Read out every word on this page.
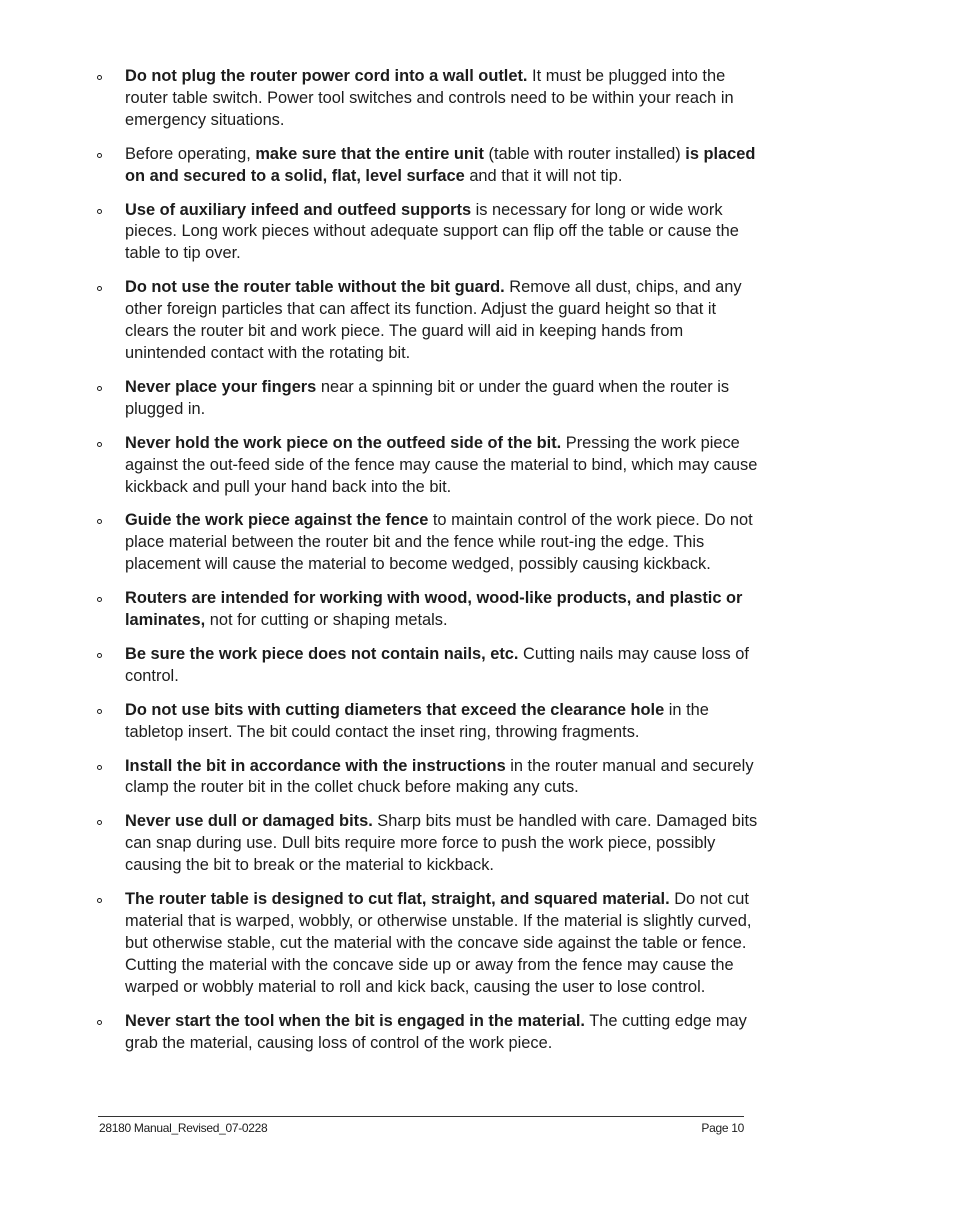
Do not plug the router power cord into a wall outlet. It must be plugged into the router table switch. Power tool switches and controls need to be within your reach in emergency situations.
Before operating, make sure that the entire unit (table with router installed) is placed on and secured to a solid, flat, level surface and that it will not tip.
Use of auxiliary infeed and outfeed supports is necessary for long or wide work pieces. Long work pieces without adequate support can flip off the table or cause the table to tip over.
Do not use the router table without the bit guard. Remove all dust, chips, and any other foreign particles that can affect its function. Adjust the guard height so that it clears the router bit and work piece. The guard will aid in keeping hands from unintended contact with the rotating bit.
Never place your fingers near a spinning bit or under the guard when the router is plugged in.
Never hold the work piece on the outfeed side of the bit. Pressing the work piece against the out-feed side of the fence may cause the material to bind, which may cause kickback and pull your hand back into the bit.
Guide the work piece against the fence to maintain control of the work piece. Do not place material between the router bit and the fence while rout-ing the edge. This placement will cause the material to become wedged, possibly causing kickback.
Routers are intended for working with wood, wood-like products, and plastic or laminates, not for cutting or shaping metals.
Be sure the work piece does not contain nails, etc. Cutting nails may cause loss of control.
Do not use bits with cutting diameters that exceed the clearance hole in the tabletop insert. The bit could contact the inset ring, throwing fragments.
Install the bit in accordance with the instructions in the router manual and securely clamp the router bit in the collet chuck before making any cuts.
Never use dull or damaged bits. Sharp bits must be handled with care. Damaged bits can snap during use. Dull bits require more force to push the work piece, possibly causing the bit to break or the material to kickback.
The router table is designed to cut flat, straight, and squared material. Do not cut material that is warped, wobbly, or otherwise unstable. If the material is slightly curved, but otherwise stable, cut the material with the concave side against the table or fence. Cutting the material with the concave side up or away from the fence may cause the warped or wobbly material to roll and kick back, causing the user to lose control.
Never start the tool when the bit is engaged in the material. The cutting edge may grab the material, causing loss of control of the work piece.
28180 Manual_Revised_07-0228	Page 10
